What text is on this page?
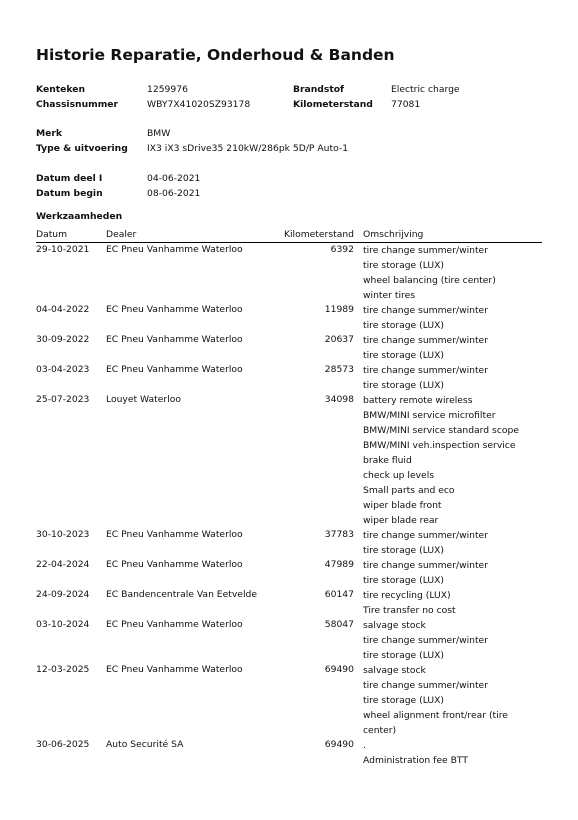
Historie Reparatie, Onderhoud & Banden
Kenteken	1259976
Chassisnummer	WBY7X41020SZ93178
Brandstof	Electric charge
Kilometerstand 77081
Merk	BMW
Type & uitvoering IX3 iX3 sDrive35 210kW/286pk 5D/P Auto-1
Datum deel I	04-06-2021
Datum begin	08-06-2021
Werkzaamheden
Datum	Dealer	Kilometerstand Omschrijving
29-10-2021 EC Pneu Vanhamme Waterloo	6392 tire change summer/winter
tire storage (LUX)
wheel balancing (tire center)
winter tires
04-04-2022 EC Pneu Vanhamme Waterloo	11989 tire change summer/winter
tire storage (LUX)
30-09-2022 EC Pneu Vanhamme Waterloo	20637 tire change summer/winter
tire storage (LUX)
03-04-2023 EC Pneu Vanhamme Waterloo	28573 tire change summer/winter
tire storage (LUX)
25-07-2023 Louyet Waterloo	34098 battery remote wireless
BMW/MINI service microfilter
BMW/MINI service standard scope
BMW/MINI veh.inspection service
brake fluid
check up levels
Small parts and eco
wiper blade front
wiper blade rear
30-10-2023 EC Pneu Vanhamme Waterloo	37783 tire change summer/winter
tire storage (LUX)
22-04-2024 EC Pneu Vanhamme Waterloo	47989 tire change summer/winter
tire storage (LUX)
24-09-2024 EC Bandencentrale Van Eetvelde	60147 tire recycling (LUX)
Tire transfer no cost
03-10-2024 EC Pneu Vanhamme Waterloo	58047 salvage stock
tire change summer/winter
tire storage (LUX)
12-03-2025 EC Pneu Vanhamme Waterloo	69490 salvage stock
tire change summer/winter
tire storage (LUX)
wheel alignment front/rear (tire center)
30-06-2025 Auto Securité SA	69490 .
Administration fee BTT
